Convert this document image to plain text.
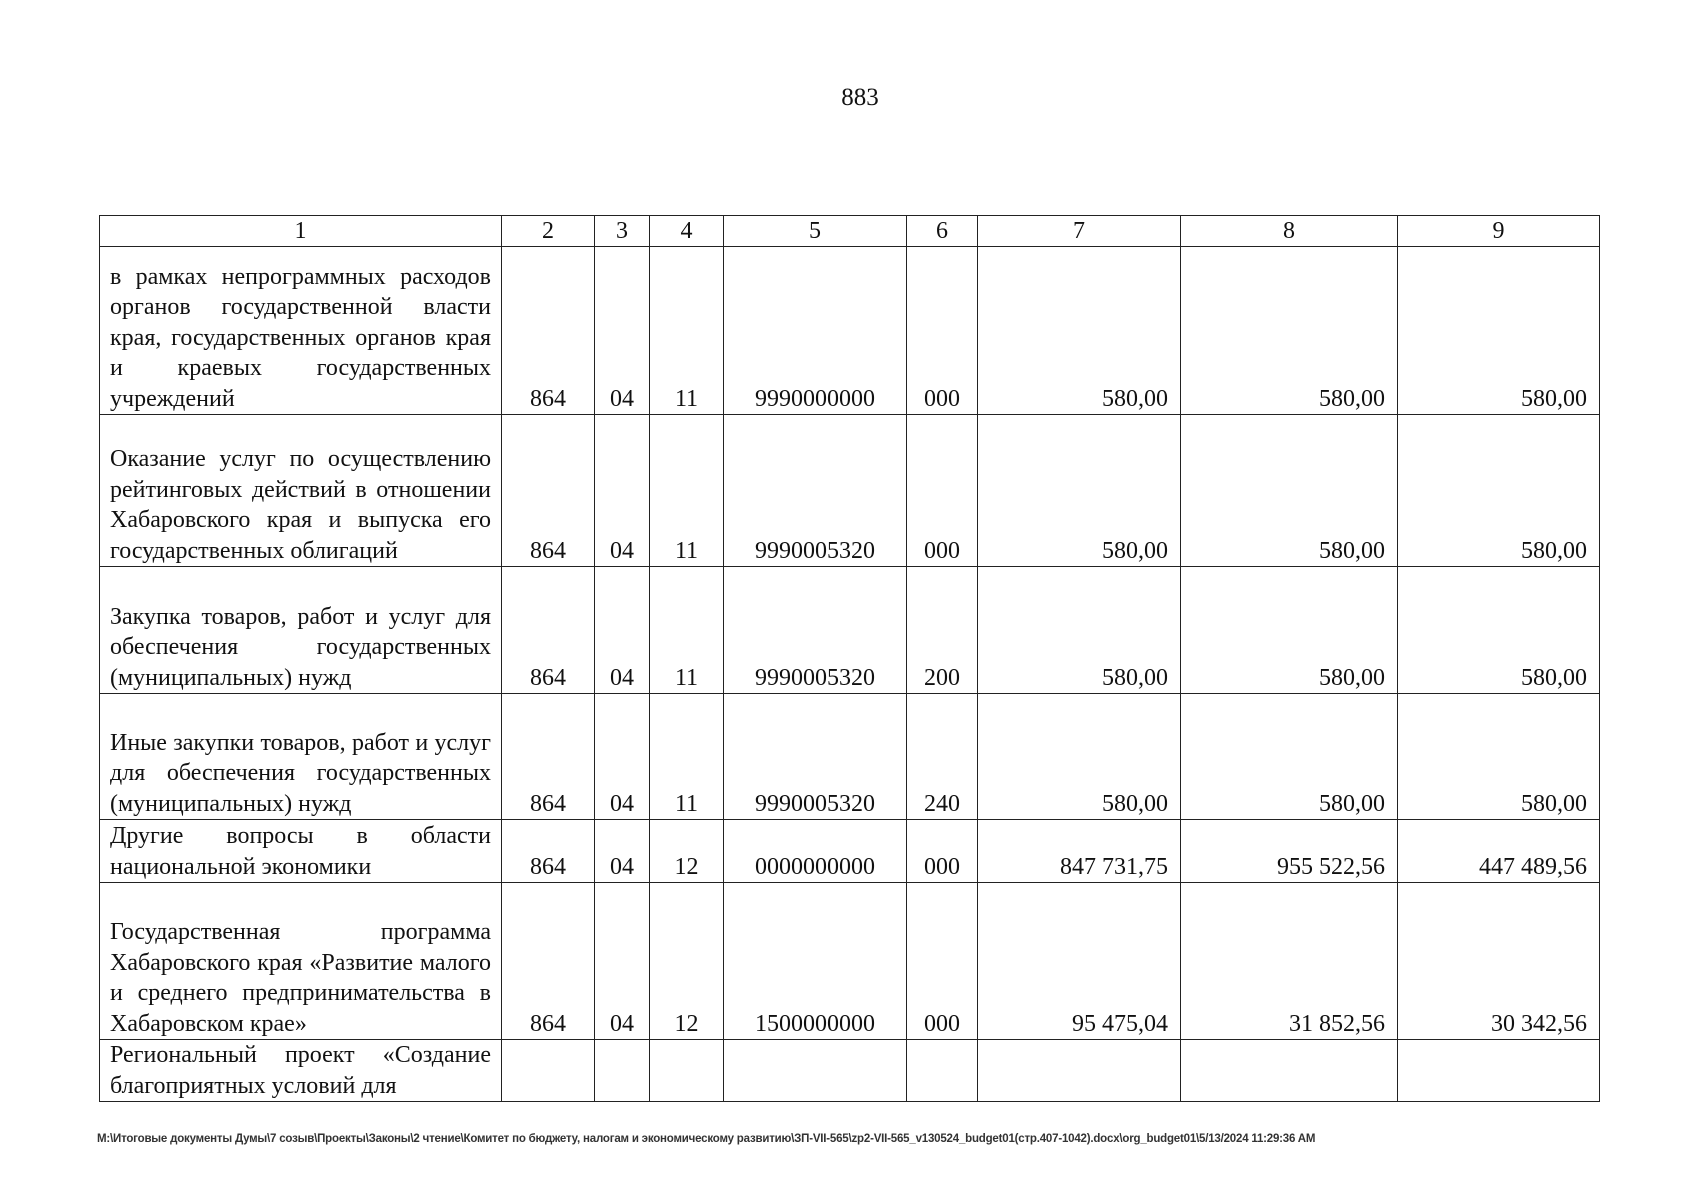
883
1	2	3	4	5	6	7	8	9
в рамках непрограммных расходов органов государственной власти края, государственных органов края и краевых государственных учреждений	864	04	11	9990000000	000	580,00	580,00	580,00
Оказание услуг по осуществлению рейтинговых действий в отношении Хабаровского края и выпуска его государственных облигаций	864	04	11	9990005320	000	580,00	580,00	580,00
Закупка товаров, работ и услуг для обеспечения государственных (муниципальных) нужд	864	04	11	9990005320	200	580,00	580,00	580,00
Иные закупки товаров, работ и услуг для обеспечения государственных (муниципальных) нужд	864	04	11	9990005320	240	580,00	580,00	580,00
Другие вопросы в области национальной экономики	864	04	12	0000000000	000	847 731,75	955 522,56	447 489,56
Государственная программа Хабаровского края «Развитие малого и среднего предпринимательства в Хабаровском крае»	864	04	12	1500000000	000	95 475,04	31 852,56	30 342,56
Региональный проект «Создание благоприятных условий для								
M:\Итоговые документы Думы\7 созыв\Проекты\Законы\2 чтение\Комитет по бюджету, налогам и экономическому развитию\ЗП-VII-565\zp2-VII-565_v130524_budget01(стр.407-1042).docx\org_budget01\5/13/2024 11:29:36 AM
